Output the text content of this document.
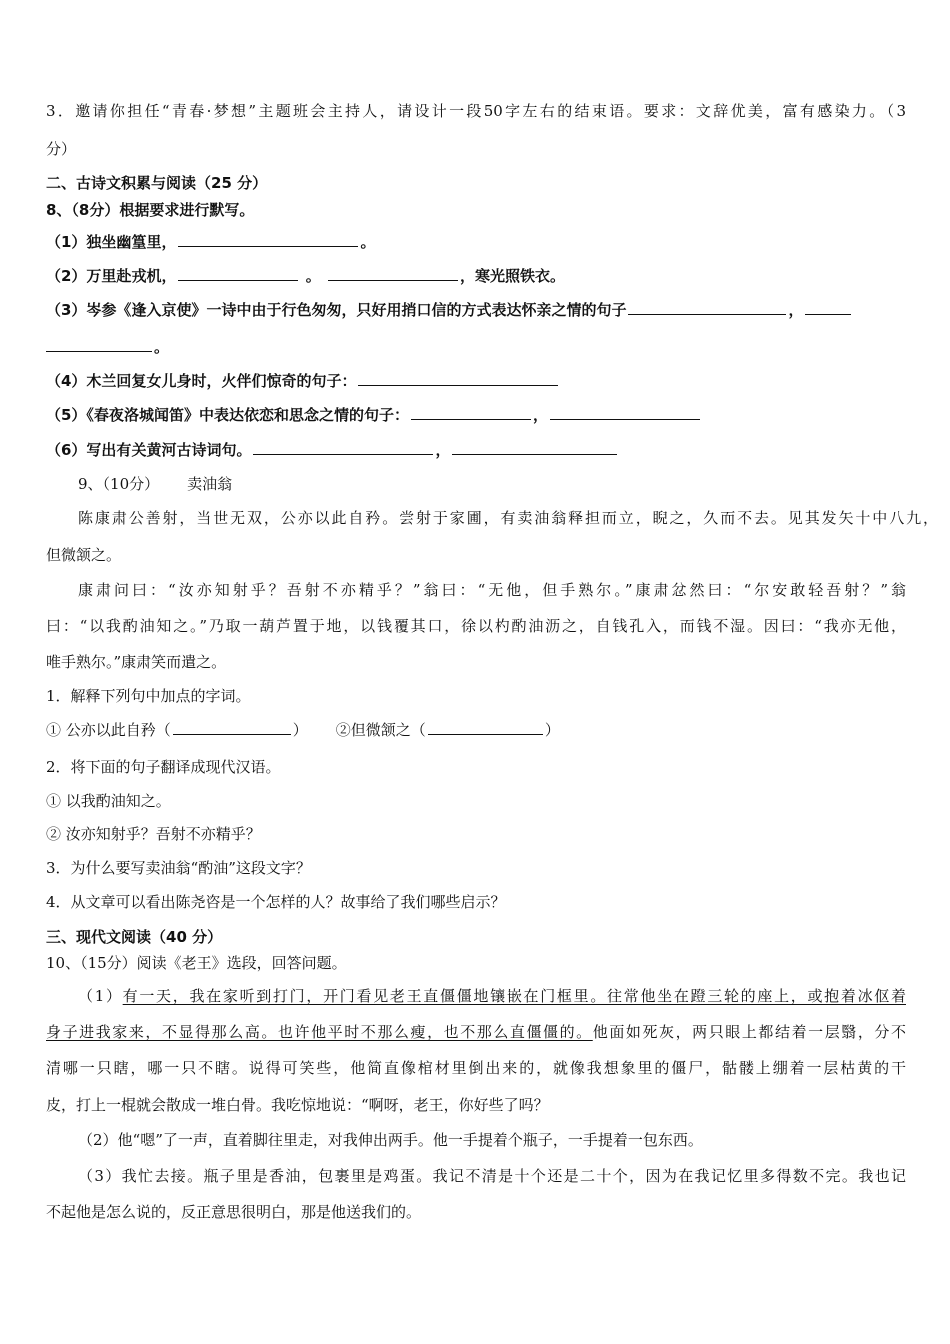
3．邀请你担任“青春·梦想”主题班会主持人，请设计一段50字左右的结束语。要求：文辞优美，富有感染力。（3
分）
二、古诗文积累与阅读（25 分）
8、（8分）根据要求进行默写。
（1）独坐幽篁里，	。
（2）万里赴戎机，	。	，寒光照铁衣。
（3）岑参《逢入京使》一诗中由于行色匆匆，只好用捎口信的方式表达怀亲之情的句子	，
。
（4）木兰回复女儿身时，火伴们惊奇的句子：
（5）《春夜洛城闻笛》中表达依恋和思念之情的句子：	，
（6）写出有关黄河古诗词句。	，
9、（10分） 卖油翁
陈康肃公善射，当世无双，公亦以此自矜。尝射于家圃，有卖油翁释担而立，睨之，久而不去。见其发矢十中八九，
但微颔之。
康肃问曰：“汝亦知射乎？吾射不亦精乎？”翁曰：“无他，但手熟尔。”康肃忿然曰：“尔安敢轻吾射？”翁
曰：“以我酌油知之。”乃取一葫芦置于地，以钱覆其口，徐以杓酌油沥之，自钱孔入，而钱不湿。因曰：“我亦无他，
唯手熟尔。”康肃笑而遣之。
1．解释下列句中加点的字词。
① 公亦以此自矜（	） ②但微颔之（	）
2．将下面的句子翻译成现代汉语。
① 以我酌油知之。
② 汝亦知射乎？吾射不亦精乎？
3．为什么要写卖油翁“酌油”这段文字？
4．从文章可以看出陈尧咨是一个怎样的人？故事给了我们哪些启示？
三、现代文阅读（40 分）
10、（15分）阅读《老王》选段，回答问题。
（1）有一天，我在家听到打门，开门看见老王直僵僵地镶嵌在门框里。往常他坐在蹬三轮的座上，或抱着冰伛着
身子进我家来，不显得那么高。也许他平时不那么瘦，也不那么直僵僵的。他面如死灰，两只眼上都结着一层翳，分不
清哪一只瞎，哪一只不瞎。说得可笑些，他简直像棺材里倒出来的，就像我想象里的僵尸，骷髅上绷着一层枯黄的干
皮，打上一棍就会散成一堆白骨。我吃惊地说：“啊呀，老王，你好些了吗？
（2）他“嗯”了一声，直着脚往里走，对我伸出两手。他一手提着个瓶子，一手提着一包东西。
（3）我忙去接。瓶子里是香油，包裹里是鸡蛋。我记不清是十个还是二十个，因为在我记忆里多得数不完。我也记
不起他是怎么说的，反正意思很明白，那是他送我们的。
